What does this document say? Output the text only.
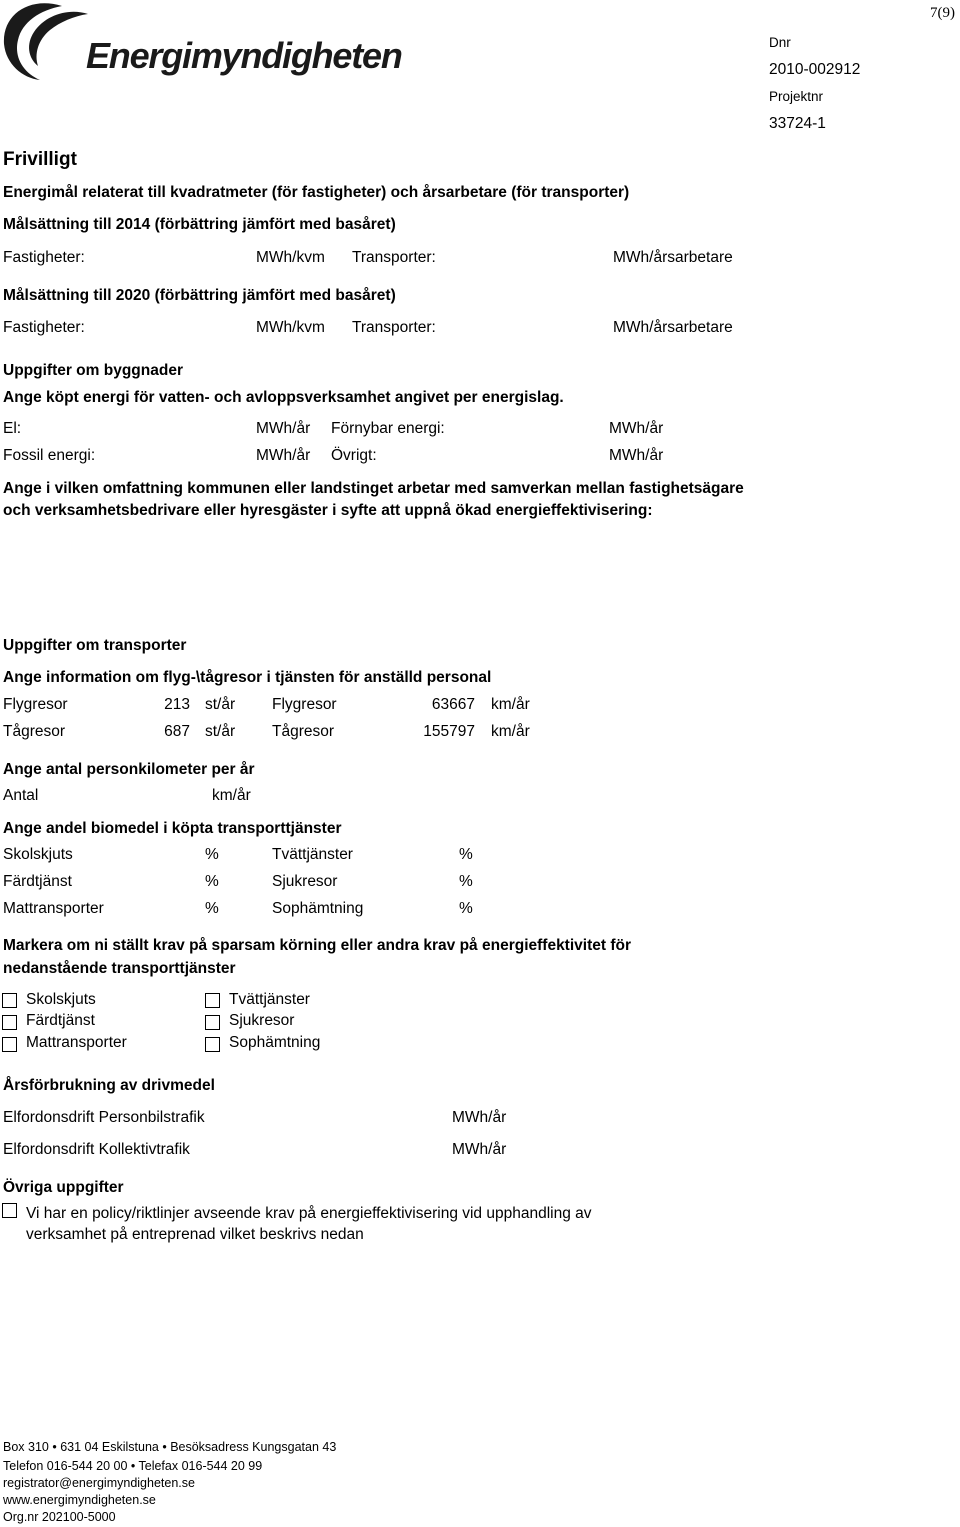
7(9)
Energimyndigheten	Dnr
2010-002912
Projektnr
33724-1
Frivilligt
Energimål relaterat till kvadratmeter (för fastigheter) och årsarbetare (för transporter)
Målsättning till 2014 (förbättring jämfört med basåret)
Fastigheter:	MWh/kvm Transporter:	MWh/årsarbetare
Målsättning till 2020 (förbättring jämfört med basåret)
Fastigheter:	MWh/kvm Transporter:	MWh/årsarbetare
Uppgifter om byggnader
Ange köpt energi för vatten- och avloppsverksamhet angivet per energislag.
El:	MWh/år Förnybar energi:	MWh/år
Fossil energi:	MWh/år Övrigt:	MWh/år
Ange i vilken omfattning kommunen eller landstinget arbetar med samverkan mellan fastighetsägare
och verksamhetsbedrivare eller hyresgäster i syfte att uppnå ökad energieffektivisering:
Uppgifter om transporter
Ange information om flyg-\tågresor i tjänsten för anställd personal
Flygresor	213 st/år Flygresor	63667 km/år
Tågresor	687 st/år Tågresor	155797 km/år
Ange antal personkilometer per år
Antal	km/år
Ange andel biomedel i köpta transporttjänster
Skolskjuts	%	Tvättjänster	%
Färdtjänst	%	Sjukresor	%
Mattransporter	%	Sophämtning	%
Markera om ni ställt krav på sparsam körning eller andra krav på energieffektivitet för
nedanstående transporttjänster
Skolskjuts
Färdtjänst
Mattransporter
Tvättjänster
Sjukresor
Sophämtning
Årsförbrukning av drivmedel
Elfordonsdrift Personbilstrafik	MWh/år
Elfordonsdrift Kollektivtrafik	MWh/år
Övriga uppgifter
Vi har en policy/riktlinjer avseende krav på energieffektivisering vid upphandling av
verksamhet på entreprenad vilket beskrivs nedan
Box 310 • 631 04 Eskilstuna • Besöksadress Kungsgatan 43
Telefon 016-544 20 00 • Telefax 016-544 20 99
registrator@energimyndigheten.se
www.energimyndigheten.se
Org.nr 202100-5000
